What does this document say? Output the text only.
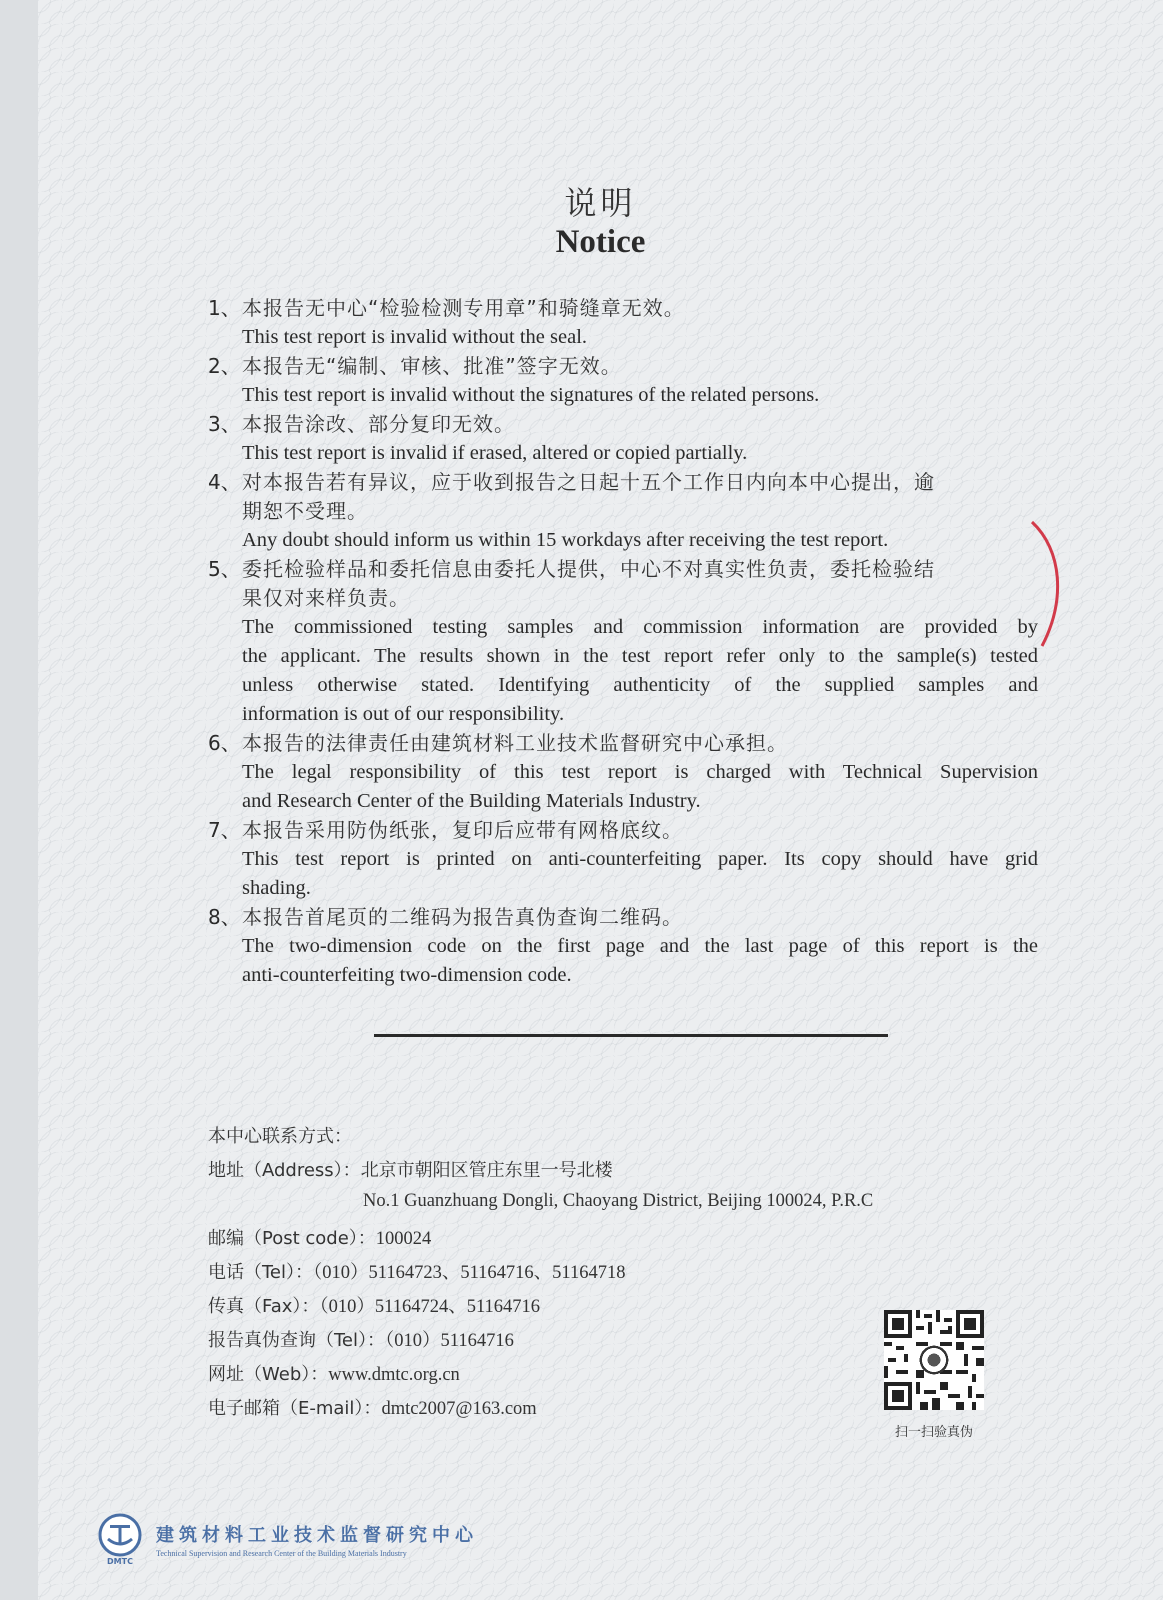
说明
Notice
1、 本报告无中心“检验检测专用章”和骑缝章无效。
This test report is invalid without the seal.
2、 本报告无“编制、审核、批准”签字无效。
This test report is invalid without the signatures of the related persons.
3、 本报告涂改、部分复印无效。
This test report is invalid if erased, altered or copied partially.
4、 对本报告若有异议，应于收到报告之日起十五个工作日内向本中心提出，逾
期恕不受理。
Any doubt should inform us within 15 workdays after receiving the test report.
5、 委托检验样品和委托信息由委托人提供，中心不对真实性负责，委托检验结
果仅对来样负责。
The commissioned testing samples and commission information are provided by
the applicant. The results shown in the test report refer only to the sample(s) tested
unless otherwise stated. Identifying authenticity of the supplied samples and
information is out of our responsibility.
6、 本报告的法律责任由建筑材料工业技术监督研究中心承担。
The legal responsibility of this test report is charged with Technical Supervision
and Research Center of the Building Materials Industry.
7、 本报告采用防伪纸张，复印后应带有网格底纹。
This test report is printed on anti-counterfeiting paper. Its copy should have grid
shading.
8、 本报告首尾页的二维码为报告真伪查询二维码。
The two-dimension code on the first page and the last page of this report is the
anti-counterfeiting two-dimension code.
本中心联系方式：
地址（Address）：北京市朝阳区管庄东里一号北楼
No.1 Guanzhuang Dongli, Chaoyang District, Beijing 100024, P.R.C
邮编（Post code）：100024
电话（Tel）：（010）51164723、51164716、51164718
传真（Fax）：（010）51164724、51164716
报告真伪查询（Tel）：（010）51164716
网址（Web）：www.dmtc.org.cn
电子邮箱（E-mail）：dmtc2007@163.com
扫一扫验真伪
DMTC
建筑材料工业技术监督研究中心
Technical Supervision and Research Center of the Building Materials Industry
